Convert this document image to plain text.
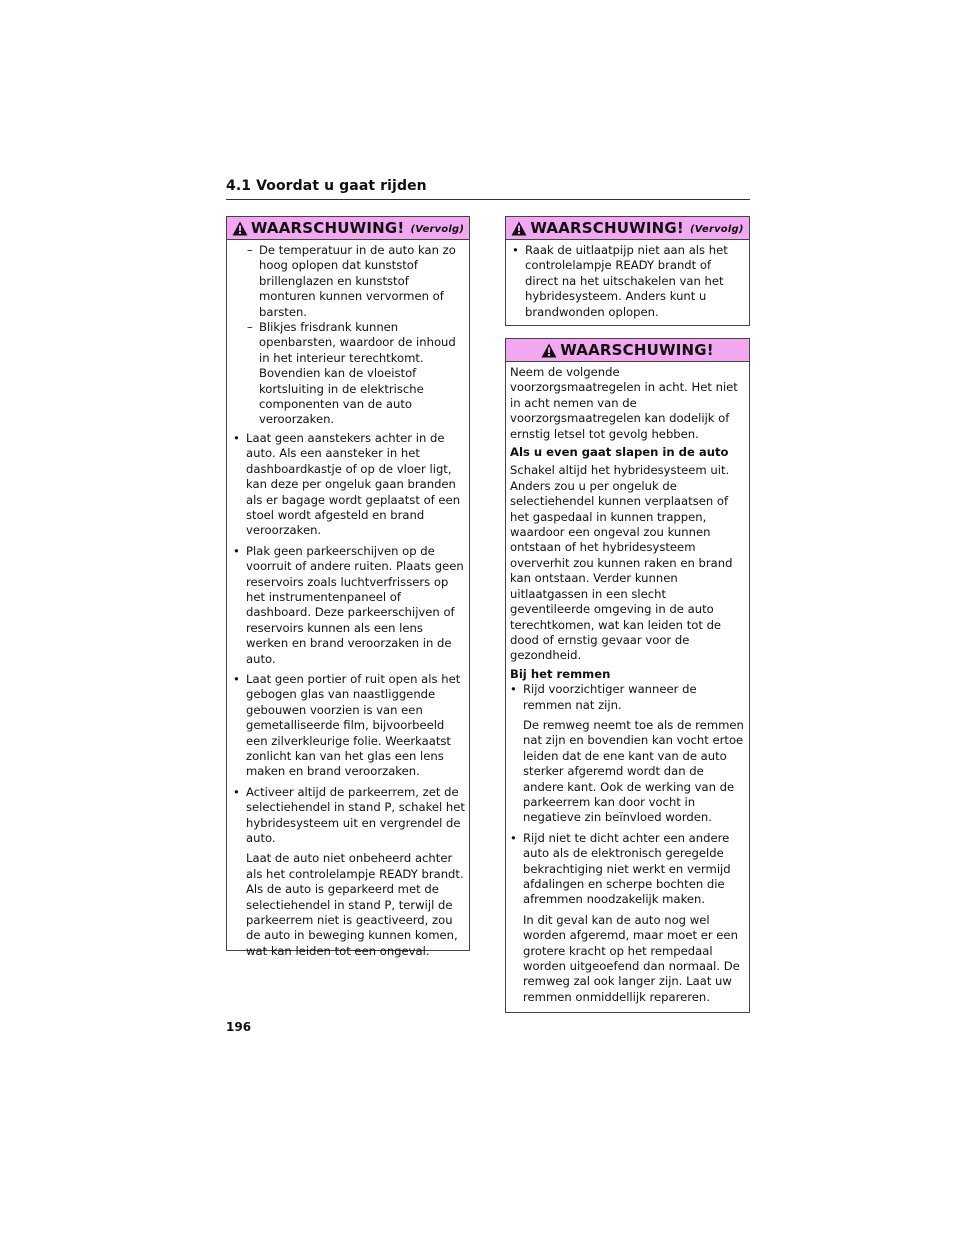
4.1 Voordat u gaat rijden
WAARSCHUWING! (Vervolg)
– De temperatuur in de auto kan zo hoog oplopen dat kunststof brillenglazen en kunststof monturen kunnen vervormen of barsten.
– Blikjes frisdrank kunnen openbarsten, waardoor de inhoud in het interieur terechtkomt. Bovendien kan de vloeistof kortsluiting in de elektrische componenten van de auto veroorzaken.
• Laat geen aanstekers achter in de auto. Als een aansteker in het dashboardkastje of op de vloer ligt, kan deze per ongeluk gaan branden als er bagage wordt geplaatst of een stoel wordt afgesteld en brand veroorzaken.
• Plak geen parkeerschijven op de voorruit of andere ruiten. Plaats geen reservoirs zoals luchtverfrissers op het instrumentenpaneel of dashboard. Deze parkeerschijven of reservoirs kunnen als een lens werken en brand veroorzaken in de auto.
• Laat geen portier of ruit open als het gebogen glas van naastliggende gebouwen voorzien is van een gemetalliseerde film, bijvoorbeeld een zilverkleurige folie. Weerkaatst zonlicht kan van het glas een lens maken en brand veroorzaken.
• Activeer altijd de parkeerrem, zet de selectiehendel in stand P, schakel het hybridesysteem uit en vergrendel de auto.
Laat de auto niet onbeheerd achter als het controlelampje READY brandt. Als de auto is geparkeerd met de selectiehendel in stand P, terwijl de parkeerrem niet is geactiveerd, zou de auto in beweging kunnen komen, wat kan leiden tot een ongeval.
WAARSCHUWING! (Vervolg)
• Raak de uitlaatpijp niet aan als het controlelampje READY brandt of direct na het uitschakelen van het hybridesysteem. Anders kunt u brandwonden oplopen.
WAARSCHUWING!

Neem de volgende voorzorgsmaatregelen in acht. Het niet in acht nemen van de voorzorgsmaatregelen kan dodelijk of ernstig letsel tot gevolg hebben.

Als u even gaat slapen in de auto

Schakel altijd het hybridesysteem uit. Anders zou u per ongeluk de selectiehendel kunnen verplaatsen of het gaspedaal in kunnen trappen, waardoor een ongeval zou kunnen ontstaan of het hybridesysteem oververhit zou kunnen raken en brand kan ontstaan. Verder kunnen uitlaatgassen in een slecht geventileerde omgeving in de auto terechtkomen, wat kan leiden tot de dood of ernstig gevaar voor de gezondheid.

Bij het remmen
• Rijd voorzichtiger wanneer de remmen nat zijn.
De remweg neemt toe als de remmen nat zijn en bovendien kan vocht ertoe leiden dat de ene kant van de auto sterker afgeremd wordt dan de andere kant. Ook de werking van de parkeerrem kan door vocht in negatieve zin beïnvloed worden.
• Rijd niet te dicht achter een andere auto als de elektronisch geregelde bekrachtiging niet werkt en vermijd afdalingen en scherpe bochten die afremmen noodzakelijk maken.
In dit geval kan de auto nog wel worden afgeremd, maar moet er een grotere kracht op het rempedaal worden uitgeoefend dan normaal. De remweg zal ook langer zijn. Laat uw remmen onmiddellijk repareren.
196
